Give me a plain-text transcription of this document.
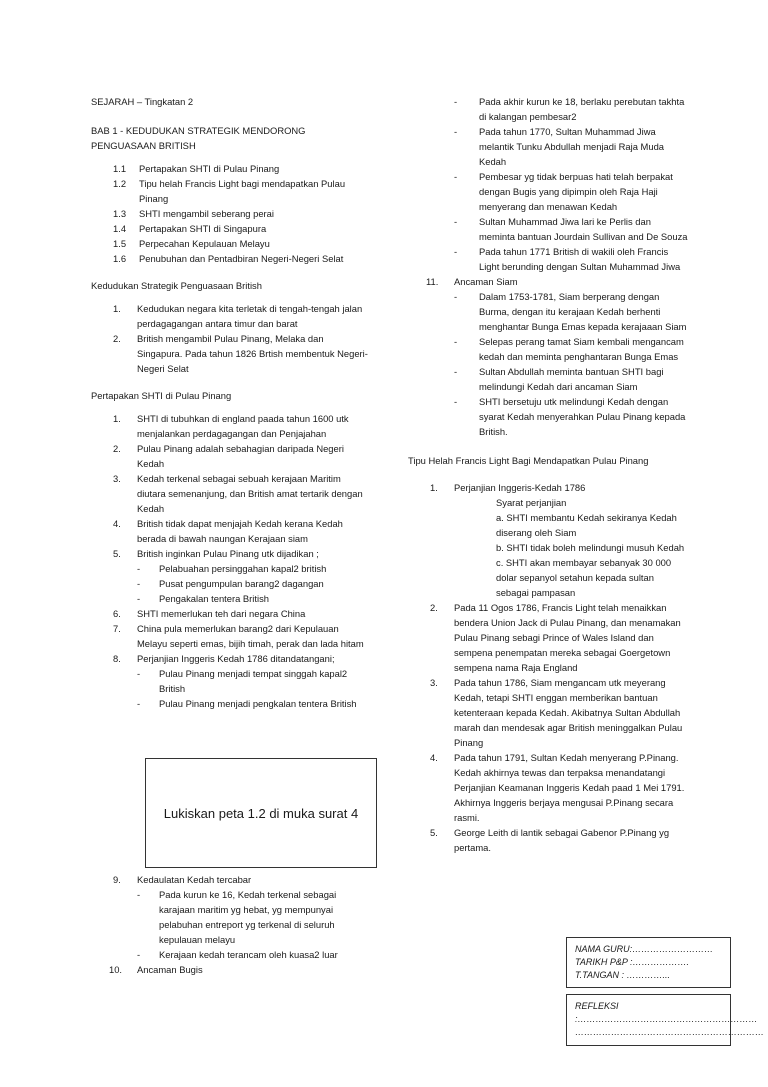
SEJARAH – Tingkatan 2

BAB 1 - KEDUDUKAN STRATEGIK MENDORONG PENGUASAAN BRITISH
1.1	Pertapakan SHTI di Pulau Pinang
1.2	Tipu helah Francis Light bagi mendapatkan Pulau Pinang
1.3	SHTI mengambil seberang perai
1.4	Pertapakan SHTI di Singapura
1.5	Perpecahan Kepulauan Melayu
1.6	Penubuhan dan Pentadbiran Negeri-Negeri Selat
Kedudukan Strategik Penguasaan British
1.	Kedudukan negara kita terletak di tengah-tengah jalan perdagagangan antara timur dan barat
2.	British mengambil Pulau Pinang, Melaka dan Singapura. Pada tahun 1826 Brtish membentuk Negeri-Negeri Selat
Pertapakan SHTI di Pulau Pinang
1.	SHTI di tubuhkan di england paada tahun 1600 utk menjalankan perdagagangan dan Penjajahan
2.	Pulau Pinang adalah sebahagian daripada Negeri Kedah
3.	Kedah terkenal sebagai sebuah kerajaan Maritim diutara semenanjung, dan British amat tertarik dengan Kedah
4.	British tidak dapat menjajah Kedah kerana Kedah berada di bawah naungan Kerajaan siam
5.	British inginkan Pulau Pinang utk dijadikan ;
-	Pelabuahan persinggahan kapal2 british
-	Pusat pengumpulan barang2 dagangan
-	Pengakalan tentera British
6.	SHTI memerlukan teh dari negara China
7.	China pula memerlukan barang2 dari Kepulauan Melayu seperti emas, bijih timah, perak dan lada hitam
8.	Perjanjian Inggeris Kedah 1786 ditandatangani;
-	Pulau Pinang menjadi tempat singgah kapal2 British
-	Pulau Pinang menjadi pengkalan tentera British
Lukiskan peta 1.2 di muka surat 4
9.	Kedaulatan Kedah tercabar
-	Pada kurun ke 16, Kedah terkenal sebagai karajaan maritim yg hebat, yg mempunyai pelabuhan entreport yg terkenal di seluruh kepulauan melayu
-	Kerajaan kedah terancam oleh kuasa2 luar
10.	Ancaman Bugis
-	Pada akhir kurun ke 18, berlaku perebutan takhta di kalangan pembesar2
-	Pada tahun 1770, Sultan Muhammad Jiwa melantik Tunku Abdullah menjadi Raja Muda Kedah
-	Pembesar yg tidak berpuas hati telah berpakat dengan Bugis yang dipimpin oleh Raja Haji menyerang dan menawan Kedah
-	Sultan Muhammad Jiwa lari ke Perlis dan meminta bantuan Jourdain Sullivan and De Souza
-	Pada tahun 1771 British di wakili oleh Francis Light berunding dengan Sultan Muhammad Jiwa
11.	Ancaman Siam
-	Dalam 1753-1781, Siam berperang dengan Burma, dengan itu kerajaan Kedah berhenti menghantar Bunga Emas kepada kerajaaan Siam
-	Selepas perang tamat Siam kembali mengancam kedah dan meminta penghantaran Bunga Emas
-	Sultan Abdullah meminta bantuan SHTI bagi melindungi Kedah dari ancaman Siam
-	SHTI bersetuju utk melindungi Kedah dengan syarat Kedah menyerahkan Pulau Pinang kepada British.
Tipu Helah Francis Light Bagi Mendapatkan Pulau Pinang
1.	Perjanjian Inggeris-Kedah 1786
Syarat perjanjian
a. SHTI membantu Kedah sekiranya Kedah diserang oleh Siam
b. SHTI tidak boleh melindungi musuh Kedah
c. SHTI akan membayar sebanyak 30 000 dolar sepanyol setahun kepada sultan sebagai pampasan
2.	Pada 11 Ogos 1786, Francis Light telah menaikkan bendera Union Jack di Pulau Pinang, dan menamakan Pulau Pinang sebagi Prince of Wales Island dan sempena penempatan mereka sebagai Goergetown sempena nama Raja England
3.	Pada tahun 1786, Siam mengancam utk meyerang Kedah, tetapi SHTI enggan memberikan bantuan ketenteraan kepada Kedah. Akibatnya Sultan Abdullah marah dan mendesak agar British meninggalkan Pulau Pinang
4.	Pada tahun 1791, Sultan Kedah menyerang P.Pinang. Kedah akhirnya tewas dan terpaksa menandatangi Perjanjian Keamanan Inggeris Kedah paad 1 Mei 1791. Akhirnya Inggeris berjaya mengusai P.Pinang secara rasmi.
5.	George Leith di lantik sebagai Gabenor P.Pinang yg pertama.
NAMA GURU:………………………
TARIKH P&P :……………….
T.TANGAN : …………...
REFLEKSI
:……………………………………………………
………………………………………………………
